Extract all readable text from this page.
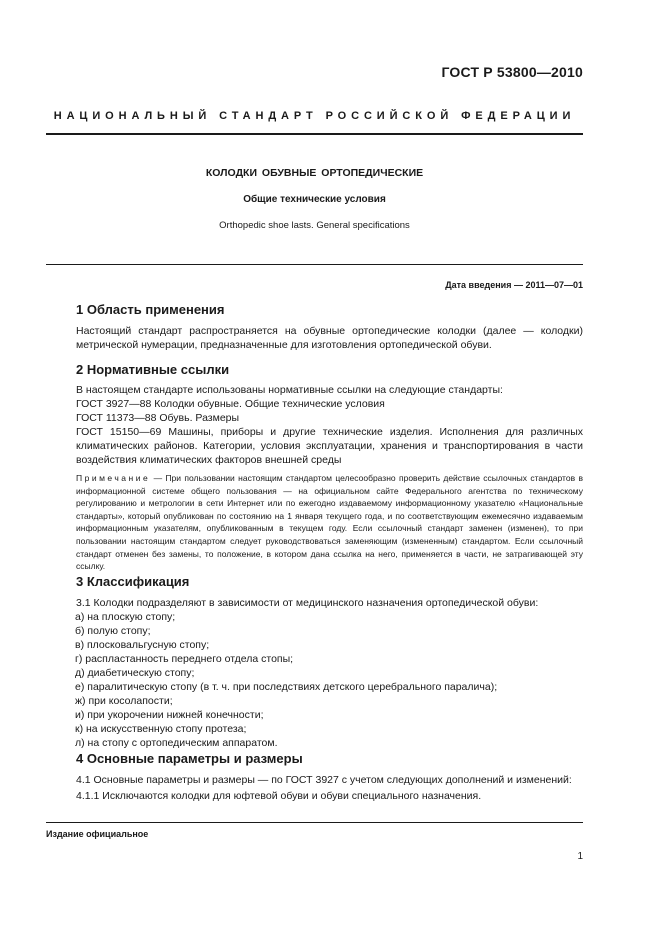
ГОСТ Р 53800—2010
НАЦИОНАЛЬНЫЙ СТАНДАРТ РОССИЙСКОЙ ФЕДЕРАЦИИ
КОЛОДКИ ОБУВНЫЕ ОРТОПЕДИЧЕСКИЕ
Общие технические условия
Orthopedic shoe lasts. General specifications
Дата введения — 2011—07—01

1 Область применения

Настоящий стандарт распространяется на обувные ортопедические колодки (далее — колодки) метрической нумерации, предназначенные для изготовления ортопедической обуви.

2 Нормативные ссылки

В настоящем стандарте использованы нормативные ссылки на следующие стандарты:

ГОСТ 3927—88 Колодки обувные. Общие технические условия

ГОСТ 11373—88 Обувь. Размеры

ГОСТ 15150—69 Машины, приборы и другие технические изделия. Исполнения для различных климатических районов. Категории, условия эксплуатации, хранения и транспортирования в части воздействия климатических факторов внешней среды

Примечание — При пользовании настоящим стандартом целесообразно проверить действие ссылочных стандартов в информационной системе общего пользования — на официальном сайте Федерального агентства по техническому регулированию и метрологии в сети Интернет или по ежегодно издаваемому информационному указателю «Национальные стандарты», который опубликован по состоянию на 1 января текущего года, и по соответствующим ежемесячно издаваемым информационным указателям, опубликованным в текущем году. Если ссылочный стандарт заменен (изменен), то при пользовании настоящим стандартом следует руководствоваться заменяющим (измененным) стандартом. Если ссылочный стандарт отменен без замены, то положение, в котором дана ссылка на него, применяется в части, не затрагивающей эту ссылку.

3 Классификация

3.1 Колодки подразделяют в зависимости от медицинского назначения ортопедической обуви:

а) на плоскую стопу;

б) полую стопу;

в) плосковальгусную стопу;

г) распластанность переднего отдела стопы;

д) диабетическую стопу;

е) паралитическую стопу (в т. ч. при последствиях детского церебрального паралича);

ж) при косолапости;

и) при укорочении нижней конечности;

к) на искусственную стопу протеза;

л) на стопу с ортопедическим аппаратом.

4 Основные параметры и размеры

4.1 Основные параметры и размеры — по ГОСТ 3927 с учетом следующих дополнений и изменений:

4.1.1 Исключаются колодки для юфтевой обуви и обуви специального назначения.

Издание официальное
1
